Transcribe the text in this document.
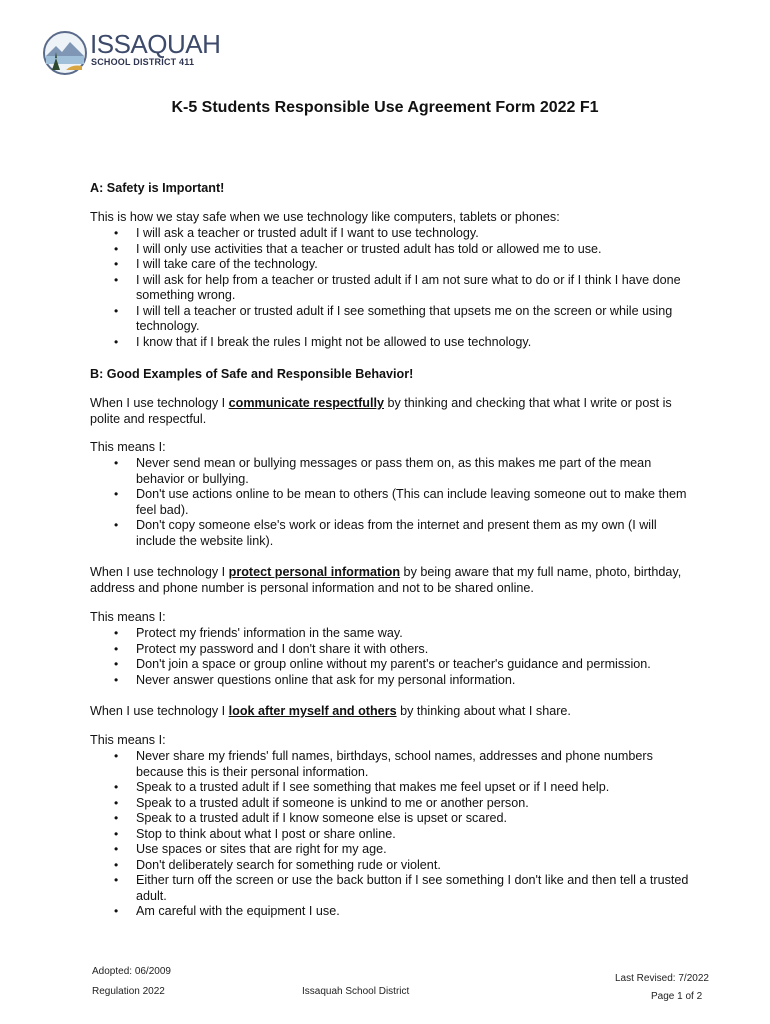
ISSAQUAH
SCHOOL DISTRICT 411
K-5 Students Responsible Use Agreement Form 2022 F1
A: Safety is Important!
This is how we stay safe when we use technology like computers, tablets or phones:
• I will ask a teacher or trusted adult if I want to use technology.
• I will only use activities that a teacher or trusted adult has told or allowed me to use.
• I will take care of the technology.
• I will ask for help from a teacher or trusted adult if I am not sure what to do or if I think I have done something wrong.
• I will tell a teacher or trusted adult if I see something that upsets me on the screen or while using technology.
• I know that if I break the rules I might not be allowed to use technology.
B: Good Examples of Safe and Responsible Behavior!
When I use technology I communicate respectfully by thinking and checking that what I write or post is polite and respectful.
This means I:
• Never send mean or bullying messages or pass them on, as this makes me part of the mean behavior or bullying.
• Don't use actions online to be mean to others (This can include leaving someone out to make them feel bad).
• Don't copy someone else's work or ideas from the internet and present them as my own (I will include the website link).
When I use technology I protect personal information by being aware that my full name, photo, birthday, address and phone number is personal information and not to be shared online.
This means I:
• Protect my friends' information in the same way.
• Protect my password and I don't share it with others.
• Don't join a space or group online without my parent's or teacher's guidance and permission.
• Never answer questions online that ask for my personal information.
When I use technology I look after myself and others by thinking about what I share.
This means I:
• Never share my friends' full names, birthdays, school names, addresses and phone numbers because this is their personal information.
• Speak to a trusted adult if I see something that makes me feel upset or if I need help.
• Speak to a trusted adult if someone is unkind to me or another person.
• Speak to a trusted adult if I know someone else is upset or scared.
• Stop to think about what I post or share online.
• Use spaces or sites that are right for my age.
• Don't deliberately search for something rude or violent.
• Either turn off the screen or use the back button if I see something I don't like and then tell a trusted adult.
• Am careful with the equipment I use.
Adopted: 06/2009
Regulation 2022	Issaquah School District
Last Revised: 7/2022
Page 1 of 2
